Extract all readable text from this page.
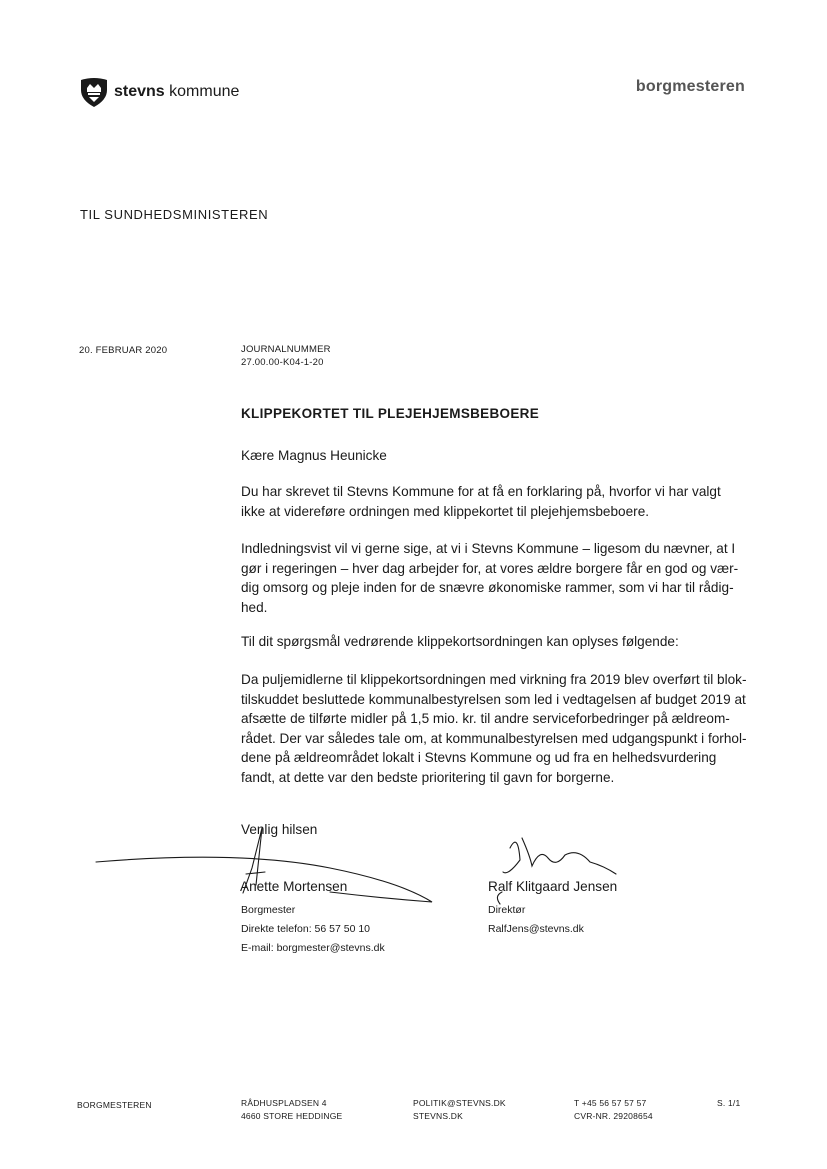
stevns kommune	borgmesteren
TIL SUNDHEDSMINISTEREN
20. FEBRUAR 2020	JOURNALNUMMER
27.00.00-K04-1-20
KLIPPEKORTET TIL PLEJEHJEMSBEBOERE

Kære Magnus Heunicke

Du har skrevet til Stevns Kommune for at få en forklaring på, hvorfor vi har valgt ikke at videreføre ordningen med klippekortet til plejehjemsbeboere.

Indledningsvist vil vi gerne sige, at vi i Stevns Kommune – ligesom du nævner, at I gør i regeringen – hver dag arbejder for, at vores ældre borgere får en god og vær-dig omsorg og pleje inden for de snævre økonomiske rammer, som vi har til rådig-hed.

Til dit spørgsmål vedrørende klippekortsordningen kan oplyses følgende:

Da puljemidlerne til klippekortsordningen med virkning fra 2019 blev overført til blok-tilskuddet besluttede kommunalbestyrelsen som led i vedtagelsen af budget 2019 at afsætte de tilførte midler på 1,5 mio. kr. til andre serviceforbedringer på ældreom-rådet. Der var således tale om, at kommunalbestyrelsen med udgangspunkt i forhol-dene på ældreområdet lokalt i Stevns Kommune og ud fra en helhedsvurdering fandt, at dette var den bedste prioritering til gavn for borgerne.

Venlig hilsen
Anette Mortensen
Borgmester
Direkte telefon: 56 57 50 10
E-mail: borgmester@stevns.dk
Ralf Klitgaard Jensen
Direktør
RalfJens@stevns.dk
BORGMESTEREN	RÅDHUSPLADSEN 4
4660 STORE HEDDINGE
POLITIK@STEVNS.DK
STEVNS.DK
T +45 56 57 57 57
CVR-NR. 29208654
S. 1/1
